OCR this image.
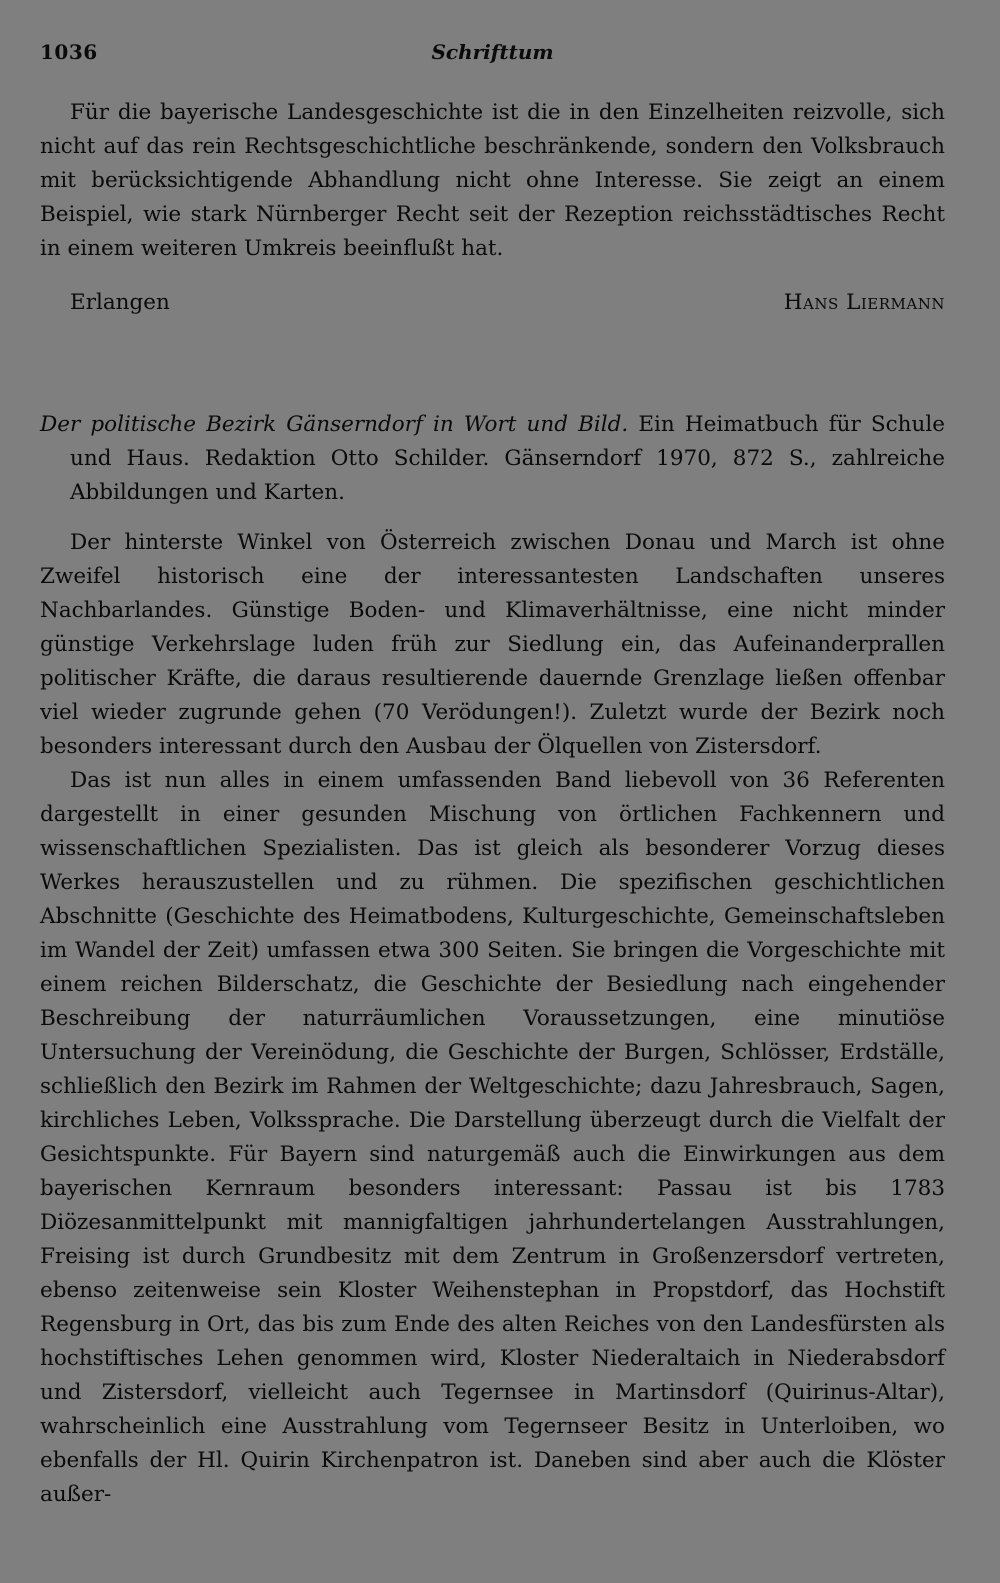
1036	Schrifttum

Für die bayerische Landesgeschichte ist die in den Einzelheiten reizvolle, sich nicht auf das rein Rechtsgeschichtliche beschränkende, sondern den Volksbrauch mit berücksichtigende Abhandlung nicht ohne Interesse. Sie zeigt an einem Beispiel, wie stark Nürnberger Recht seit der Rezeption reichsstädtisches Recht in einem weiteren Umkreis beeinflußt hat.

Erlangen	Hans Liermann
Der politische Bezirk Gänserndorf in Wort und Bild. Ein Heimatbuch für Schule und Haus. Redaktion Otto Schilder. Gänserndorf 1970, 872 S., zahlreiche Abbildungen und Karten.

Der hinterste Winkel von Österreich zwischen Donau und March ist ohne Zweifel historisch eine der interessantesten Landschaften unseres Nachbarlandes. Günstige Boden- und Klimaverhältnisse, eine nicht minder günstige Verkehrslage luden früh zur Siedlung ein, das Aufeinanderprallen politischer Kräfte, die daraus resultierende dauernde Grenzlage ließen offenbar viel wieder zugrunde gehen (70 Verödungen!). Zuletzt wurde der Bezirk noch besonders interessant durch den Ausbau der Ölquellen von Zistersdorf.

Das ist nun alles in einem umfassenden Band liebevoll von 36 Referenten dargestellt in einer gesunden Mischung von örtlichen Fachkennern und wissenschaftlichen Spezialisten. Das ist gleich als besonderer Vorzug dieses Werkes herauszustellen und zu rühmen. Die spezifischen geschichtlichen Abschnitte (Geschichte des Heimatbodens, Kulturgeschichte, Gemeinschaftsleben im Wandel der Zeit) umfassen etwa 300 Seiten. Sie bringen die Vorgeschichte mit einem reichen Bilderschatz, die Geschichte der Besiedlung nach eingehender Beschreibung der naturräumlichen Voraussetzungen, eine minutiöse Untersuchung der Vereinödung, die Geschichte der Burgen, Schlösser, Erdställe, schließlich den Bezirk im Rahmen der Weltgeschichte; dazu Jahresbrauch, Sagen, kirchliches Leben, Volkssprache. Die Darstellung überzeugt durch die Vielfalt der Gesichtspunkte. Für Bayern sind naturgemäß auch die Einwirkungen aus dem bayerischen Kernraum besonders interessant: Passau ist bis 1783 Diözesanmittelpunkt mit mannigfaltigen jahrhundertelangen Ausstrahlungen, Freising ist durch Grundbesitz mit dem Zentrum in Großenzersdorf vertreten, ebenso zeitenweise sein Kloster Weihenstephan in Propstdorf, das Hochstift Regensburg in Ort, das bis zum Ende des alten Reiches von den Landesfürsten als hochstiftisches Lehen genommen wird, Kloster Niederaltaich in Niederabsdorf und Zistersdorf, vielleicht auch Tegernsee in Martinsdorf (Quirinus-Altar), wahrscheinlich eine Ausstrahlung vom Tegernseer Besitz in Unterloiben, wo ebenfalls der Hl. Quirin Kirchenpatron ist. Daneben sind aber auch die Klöster außer-
